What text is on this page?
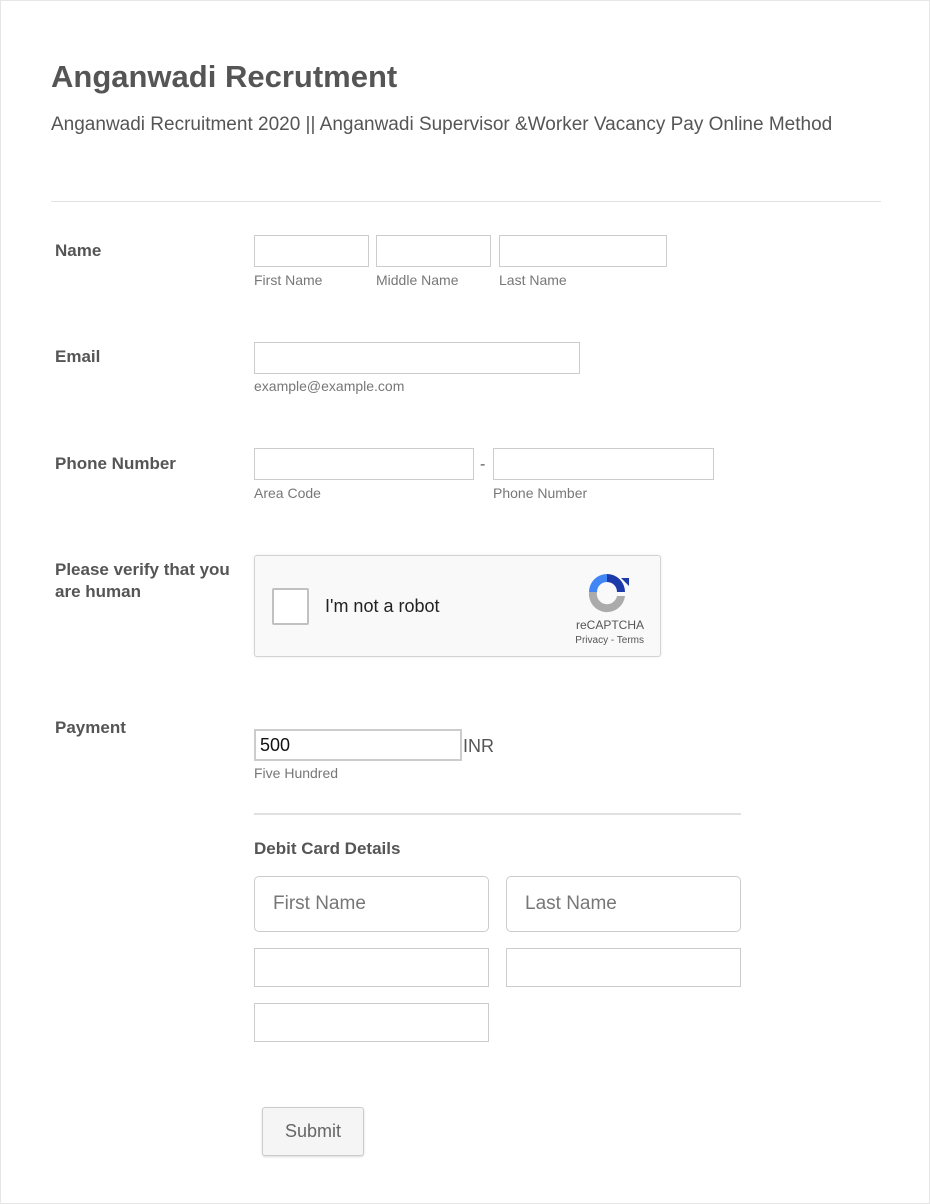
Anganwadi Recrutment
Anganwadi Recruitment 2020 || Anganwadi Supervisor &Worker Vacancy Pay Online Method
Name
First Name	Middle Name	Last Name
Email
example@example.com
Phone Number	-
Area Code	Phone Number
Please verify that you are human
I'm not a robot
reCAPTCHA
Privacy - Terms
Payment
500
INR
Five Hundred
Debit Card Details
First Name	Last Name
Submit
